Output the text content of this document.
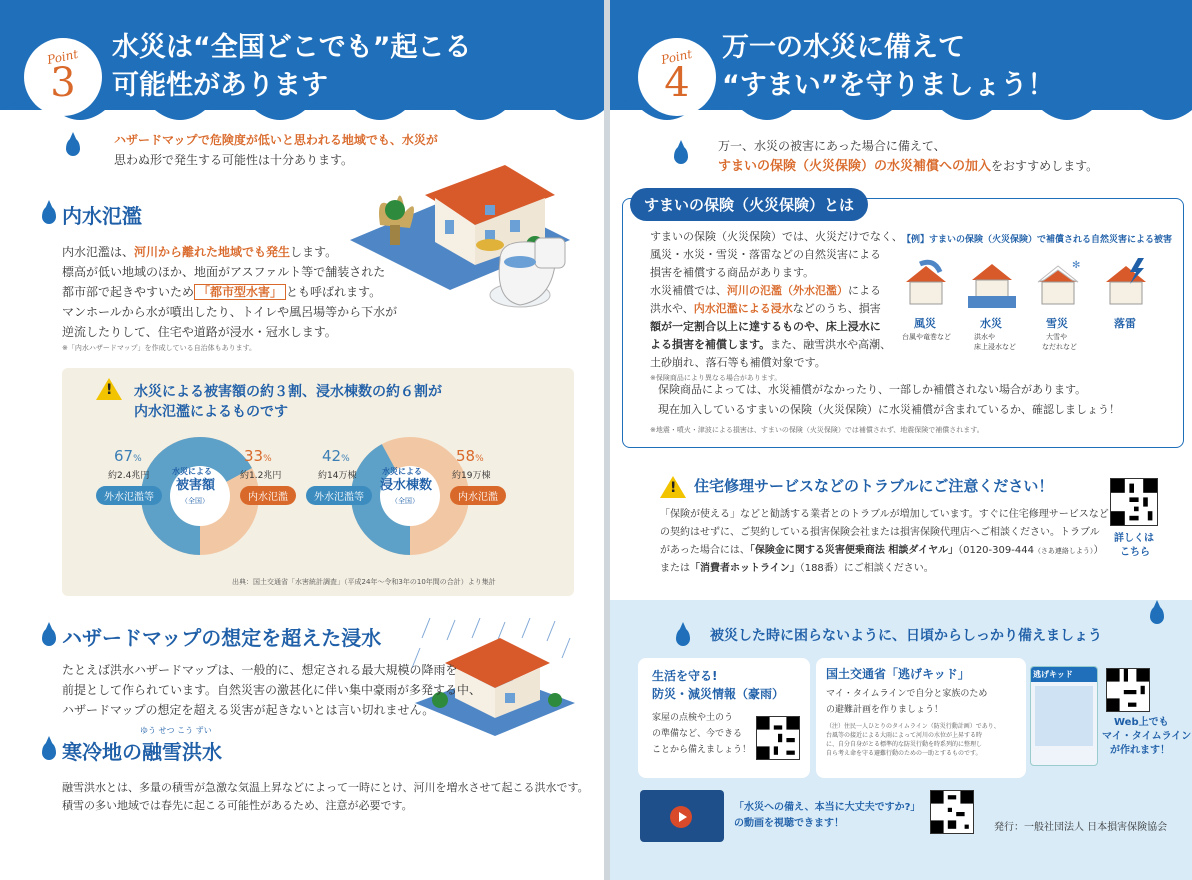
Point
3
水災は“全国どこでも”起こる
可能性があります
ハザードマップで危険度が低いと思われる地域でも、水災が
思わぬ形で発生する可能性は十分あります。
内水氾濫
内水氾濫は、河川から離れた地域でも発生します。
標高が低い地域のほか、地面がアスファルト等で舗装された
都市部で起きやすいため 「都市型水害」 とも呼ばれます。
マンホールから水が噴出したり、トイレや風呂場等から下水が
逆流したりして、住宅や道路が浸水・冠水します。
※「内水ハザードマップ」を作成している自治体もあります。
!
水災による被害額の約３割、浸水棟数の約６割が
内水氾濫によるものです
水災による
被害額
（全国）
67%
約2.4兆円
外水氾濫等
33%
約1.2兆円
内水氾濫
水災による
浸水棟数
（全国）
42%
約14万棟
外水氾濫等
58%
約19万棟
内水氾濫
出典：国土交通省「水害統計調査」（平成24年～令和3年の10年間の合計）より集計
ハザードマップの想定を超えた浸水
たとえば洪水ハザードマップは、一般的に、想定される最大規模の降雨を
前提として作られています。自然災害の激甚化に伴い集中豪雨が多発する中、
ハザードマップの想定を超える災害が起きないとは言い切れません。
ゆう せつ こう ずい
寒冷地の融雪洪水
融雪洪水とは、多量の積雪が急激な気温上昇などによって一時にとけ、河川を増水させて起こる洪水です。
積雪の多い地域では春先に起こる可能性があるため、注意が必要です。
Point
4
万一の水災に備えて
“すまい”を守りましょう！
万一、水災の被害にあった場合に備えて、
すまいの保険（火災保険）の水災補償への加入をおすすめします。
すまいの保険（火災保険）とは
すまいの保険（火災保険）では、火災だけでなく、
風災・水災・雪災・落雷などの自然災害による
損害を補償する商品があります。
水災補償では、河川の氾濫（外水氾濫）による
洪水や、内水氾濫による浸水などのうち、損害
額が一定割合以上に達するものや、床上浸水に
よる損害を補償します。また、融雪洪水や高潮、
土砂崩れ、落石等も補償対象です。
※保険商品により異なる場合があります。
【例】すまいの保険（火災保険）で補償される自然災害による被害
✻
風災
台風や竜巻など
水災
洪水や
床上浸水など
雪災
大雪や
なだれなど
落雷
保険商品によっては、水災補償がなかったり、一部しか補償されない場合があります。
現在加入しているすまいの保険（火災保険）に水災補償が含まれているか、確認しましょう！
※地震・噴火・津波による損害は、すまいの保険（火災保険）では補償されず、地震保険で補償されます。
!
住宅修理サービスなどのトラブルにご注意ください！
「保険が使える」などと勧誘する業者とのトラブルが増加しています。すぐに住宅修理サービスなど
の契約はせずに、ご契約している損害保険会社または損害保険代理店へご相談ください。トラブル
があった場合には、「保険金に関する災害便乗商法 相談ダイヤル」（0120-309-444（さあ連絡しよう））
または「消費者ホットライン」（188番）にご相談ください。
詳しくは
こちら
被災した時に困らないように、日頃からしっかり備えましょう
生活を守る!
防災・減災情報（豪雨）
家屋の点検や土のう
の準備など、今できる
ことから備えましょう！
国土交通省「逃げキッド」
マイ・タイムラインで自分と家族のため
の避難計画を作りましょう！
（注）住民一人ひとりのタイムライン（防災行動計画）であり、
台風等の接近による大雨によって河川の水位が上昇する時
に、自分自身がとる標準的な防災行動を時系列的に整理し
自ら考え命を守る避難行動のための一助とするものです。
逃げキッド
Web上でも
マイ・タイムライン
が作れます！
「水災への備え、本当に大丈夫ですか?」
の動画を視聴できます！	発行：一般社団法人 日本損害保険協会
